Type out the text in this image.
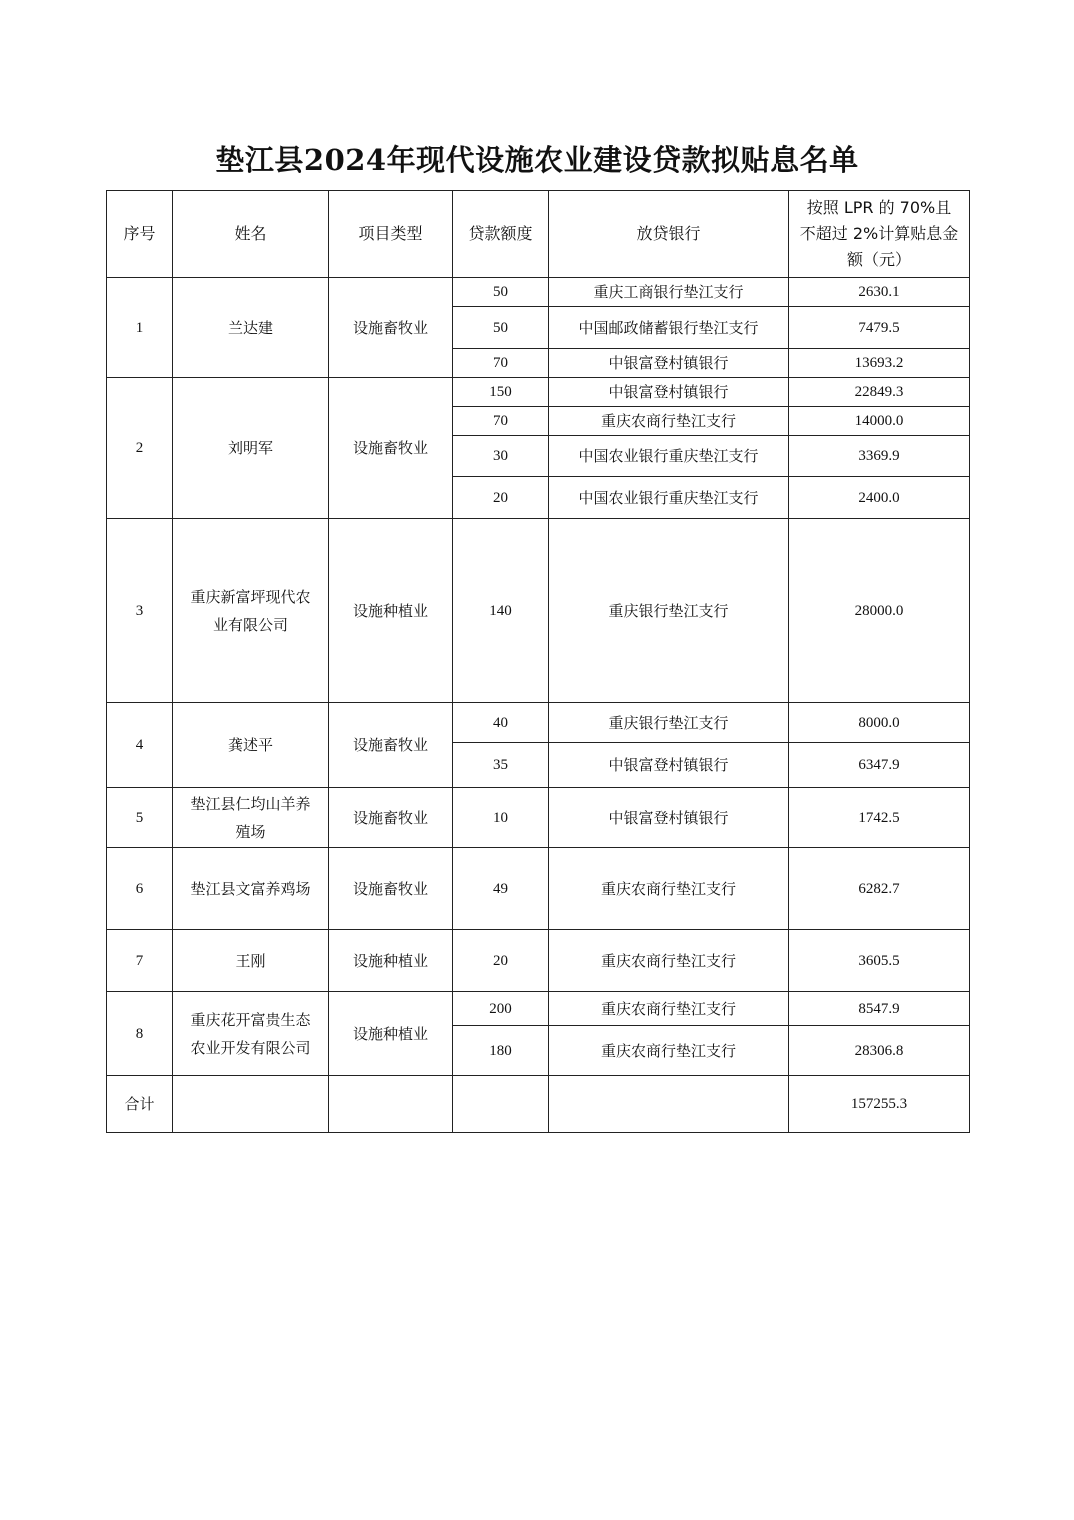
垫江县2024年现代设施农业建设贷款拟贴息名单
序号	姓名	项目类型	贷款额度	放贷银行	按照 LPR 的 70%且不超过 2%计算贴息金额（元）
1	兰达建	设施畜牧业	50	重庆工商银行垫江支行	2630.1
			50	中国邮政储蓄银行垫江支行	7479.5
			70	中银富登村镇银行	13693.2
2	刘明军	设施畜牧业	150	中银富登村镇银行	22849.3
			70	重庆农商行垫江支行	14000.0
			30	中国农业银行重庆垫江支行	3369.9
			20	中国农业银行重庆垫江支行	2400.0
3	重庆新富坪现代农业有限公司	设施种植业	140	重庆银行垫江支行	28000.0
4	龚述平	设施畜牧业	40	重庆银行垫江支行	8000.0
			35	中银富登村镇银行	6347.9
5	垫江县仁均山羊养殖场	设施畜牧业	10	中银富登村镇银行	1742.5
6	垫江县文富养鸡场	设施畜牧业	49	重庆农商行垫江支行	6282.7
7	王刚	设施种植业	20	重庆农商行垫江支行	3605.5
8	重庆花开富贵生态农业开发有限公司	设施种植业	200	重庆农商行垫江支行	8547.9
			180	重庆农商行垫江支行	28306.8
合计					157255.3
